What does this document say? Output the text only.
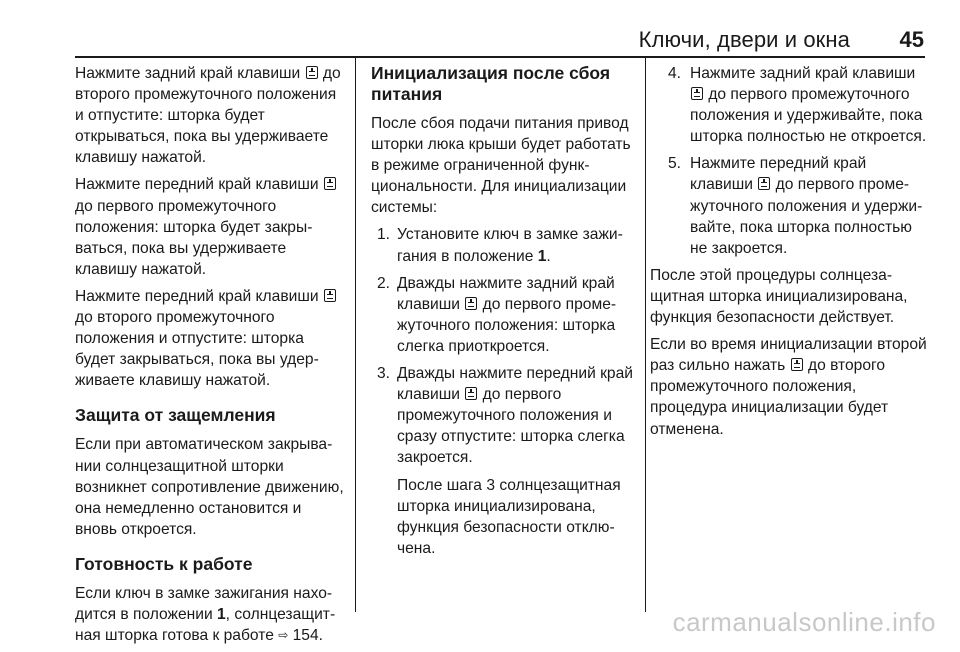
Ключи, двери и окна 45

Нажмите задний край клавиши  до второго промежуточного положения и отпустите: шторка будет открываться, пока вы удерживаете клавишу нажатой.

Нажмите передний край клавиши  до первого промежуточного положения: шторка будет закрываться, пока вы удерживаете клавишу нажатой.

Нажмите передний край клавиши  до второго промежуточного положения и отпустите: шторка будет закрываться, пока вы удерживаете клавишу нажатой.

Защита от защемления

Если при автоматическом закрывании солнцезащитной шторки возникнет сопротивление движению, она немедленно остановится и вновь откроется.

Готовность к работе

Если ключ в замке зажигания находится в положении 1, солнцезащитная шторка готова к работе ⇨ 154.

Инициализация после сбоя питания

После сбоя подачи питания привод шторки люка крыши будет работать в режиме ограниченной функциональности. Для инициализации системы:

1. Установите ключ в замке зажигания в положение 1.
2. Дважды нажмите задний край клавиши  до первого промежуточного положения: шторка слегка приоткроется.
3. Дважды нажмите передний край клавиши  до первого промежуточного положения и сразу отпустите: шторка слегка закроется.
После шага 3 солнцезащитная шторка инициализирована, функция безопасности отключена.
4. Нажмите задний край клавиши  до первого промежуточного положения и удерживайте, пока шторка полностью не откроется.
5. Нажмите передний край клавиши  до первого промежуточного положения и удерживайте, пока шторка полностью не закроется.

После этой процедуры солнцезащитная шторка инициализирована, функция безопасности действует.

Если во время инициализации второй раз сильно нажать  до второго промежуточного положения, процедура инициализации будет отменена.

carmanualsonline.info
